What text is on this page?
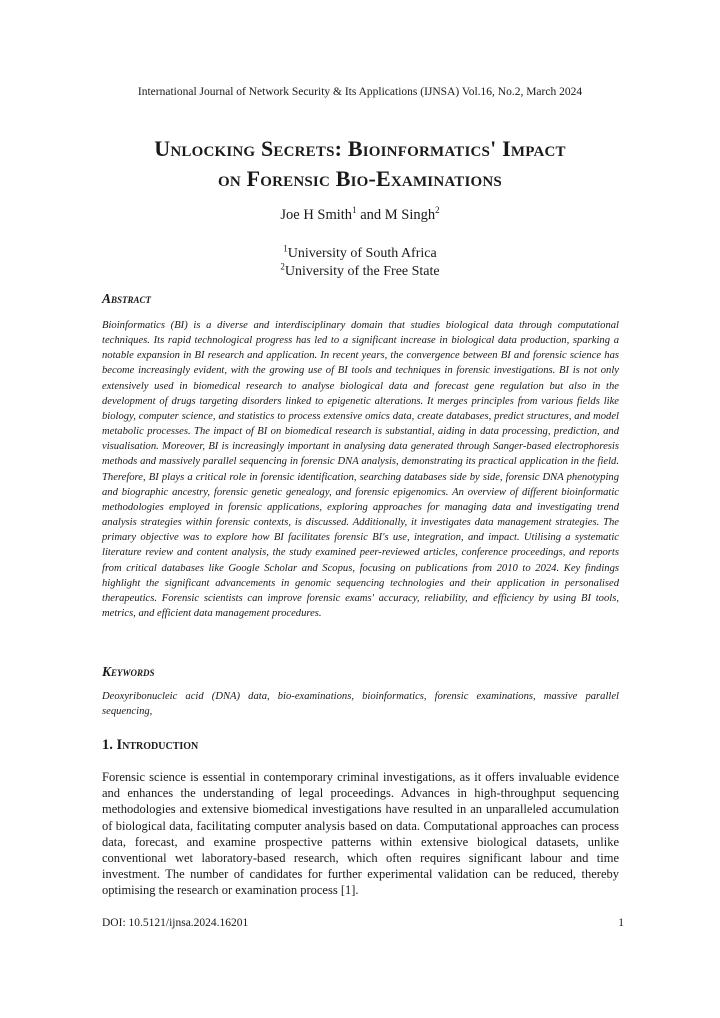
International Journal of Network Security & Its Applications (IJNSA) Vol.16, No.2, March 2024
Unlocking Secrets: Bioinformatics' Impact
on Forensic Bio-Examinations
Joe H Smith$^1$ and M Singh$^2$
$^1$University of South Africa
$^2$University of the Free State
Abstract

Bioinformatics (BI) is a diverse and interdisciplinary domain that studies biological data through computational techniques. Its rapid technological progress has led to a significant increase in biological data production, sparking a notable expansion in BI research and application. In recent years, the convergence between BI and forensic science has become increasingly evident, with the growing use of BI tools and techniques in forensic investigations. BI is not only extensively used in biomedical research to analyse biological data and forecast gene regulation but also in the development of drugs targeting disorders linked to epigenetic alterations. It merges principles from various fields like biology, computer science, and statistics to process extensive omics data, create databases, predict structures, and model metabolic processes. The impact of BI on biomedical research is substantial, aiding in data processing, prediction, and visualisation. Moreover, BI is increasingly important in analysing data generated through Sanger-based electrophoresis methods and massively parallel sequencing in forensic DNA analysis, demonstrating its practical application in the field. Therefore, BI plays a critical role in forensic identification, searching databases side by side, forensic DNA phenotyping and biographic ancestry, forensic genetic genealogy, and forensic epigenomics. An overview of different bioinformatic methodologies employed in forensic applications, exploring approaches for managing data and investigating trend analysis strategies within forensic contexts, is discussed. Additionally, it investigates data management strategies. The primary objective was to explore how BI facilitates forensic BI's use, integration, and impact. Utilising a systematic literature review and content analysis, the study examined peer-reviewed articles, conference proceedings, and reports from critical databases like Google Scholar and Scopus, focusing on publications from 2010 to 2024. Key findings highlight the significant advancements in genomic sequencing technologies and their application in personalised therapeutics. Forensic scientists can improve forensic exams' accuracy, reliability, and efficiency by using BI tools, metrics, and efficient data management procedures.

Keywords

Deoxyribonucleic acid (DNA) data, bio-examinations, bioinformatics, forensic examinations, massive parallel sequencing,

1. Introduction

Forensic science is essential in contemporary criminal investigations, as it offers invaluable evidence and enhances the understanding of legal proceedings. Advances in high-throughput sequencing methodologies and extensive biomedical investigations have resulted in an unparalleled accumulation of biological data, facilitating computer analysis based on data. Computational approaches can process data, forecast, and examine prospective patterns within extensive biological datasets, unlike conventional wet laboratory-based research, which often requires significant labour and time investment. The number of candidates for further experimental validation can be reduced, thereby optimising the research or examination process [1].

DOI: 10.5121/ijnsa.2024.16201	1
